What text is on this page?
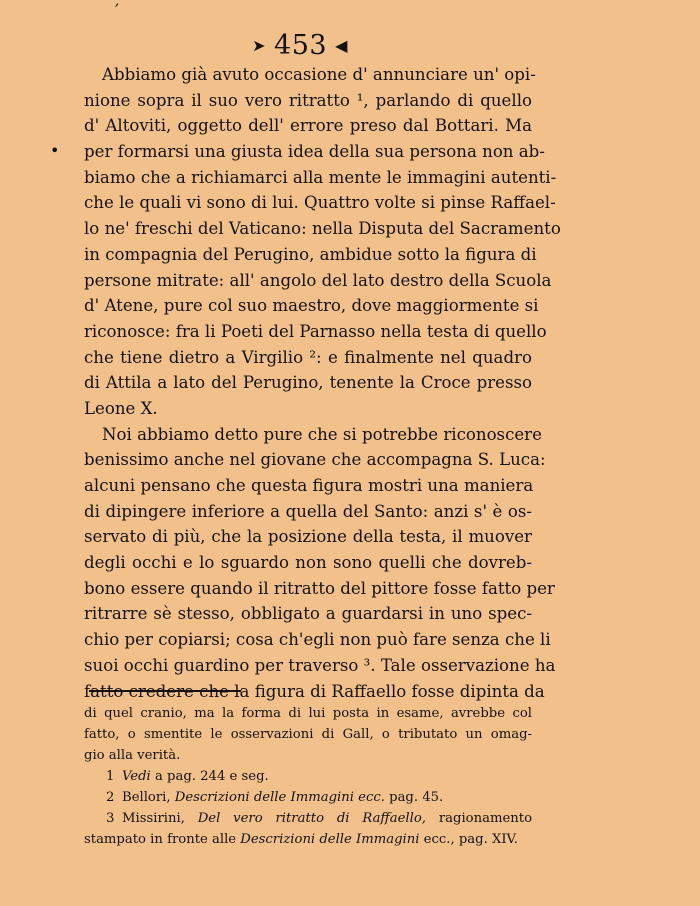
ʼ
➤ 453 ◀
•
Abbiamo già avuto occasione d' annunciare un' opi-
nione sopra il suo vero ritratto ¹, parlando di quello
d' Altoviti, oggetto dell' errore preso dal Bottari. Ma
per formarsi una giusta idea della sua persona non ab-
biamo che a richiamarci alla mente le immagini autenti-
che le quali vi sono di lui. Quattro volte si pinse Raffael-
lo ne' freschi del Vaticano: nella Disputa del Sacramento
in compagnia del Perugino, ambidue sotto la figura di
persone mitrate: all' angolo del lato destro della Scuola
d' Atene, pure col suo maestro, dove maggiormente si
riconosce: fra li Poeti del Parnasso nella testa di quello
che tiene dietro a Virgilio ²: e finalmente nel quadro
di Attila a lato del Perugino, tenente la Croce presso
Leone X.
Noi abbiamo detto pure che si potrebbe riconoscere
benissimo anche nel giovane che accompagna S. Luca:
alcuni pensano che questa figura mostri una maniera
di dipingere inferiore a quella del Santo: anzi s' è os-
servato di più, che la posizione della testa, il muover
degli occhi e lo sguardo non sono quelli che dovreb-
bono essere quando il ritratto del pittore fosse fatto per
ritrarre sè stesso, obbligato a guardarsi in uno spec-
chio per copiarsi; cosa ch'egli non può fare senza che li
suoi occhi guardino per traverso ³. Tale osservazione ha
fatto credere che la figura di Raffaello fosse dipinta da
di quel cranio, ma la forma di lui posta in esame, avrebbe col
fatto, o smentite le osservazioni di Gall, o tributato un omag-
gio alla verità.
1 Vedi a pag. 244 e seg.
2 Bellori, Descrizioni delle Immagini ecc. pag. 45.
3 Missirini, Del vero ritratto di Raffaello, ragionamento
stampato in fronte alle Descrizioni delle Immagini ecc., pag. XIV.
